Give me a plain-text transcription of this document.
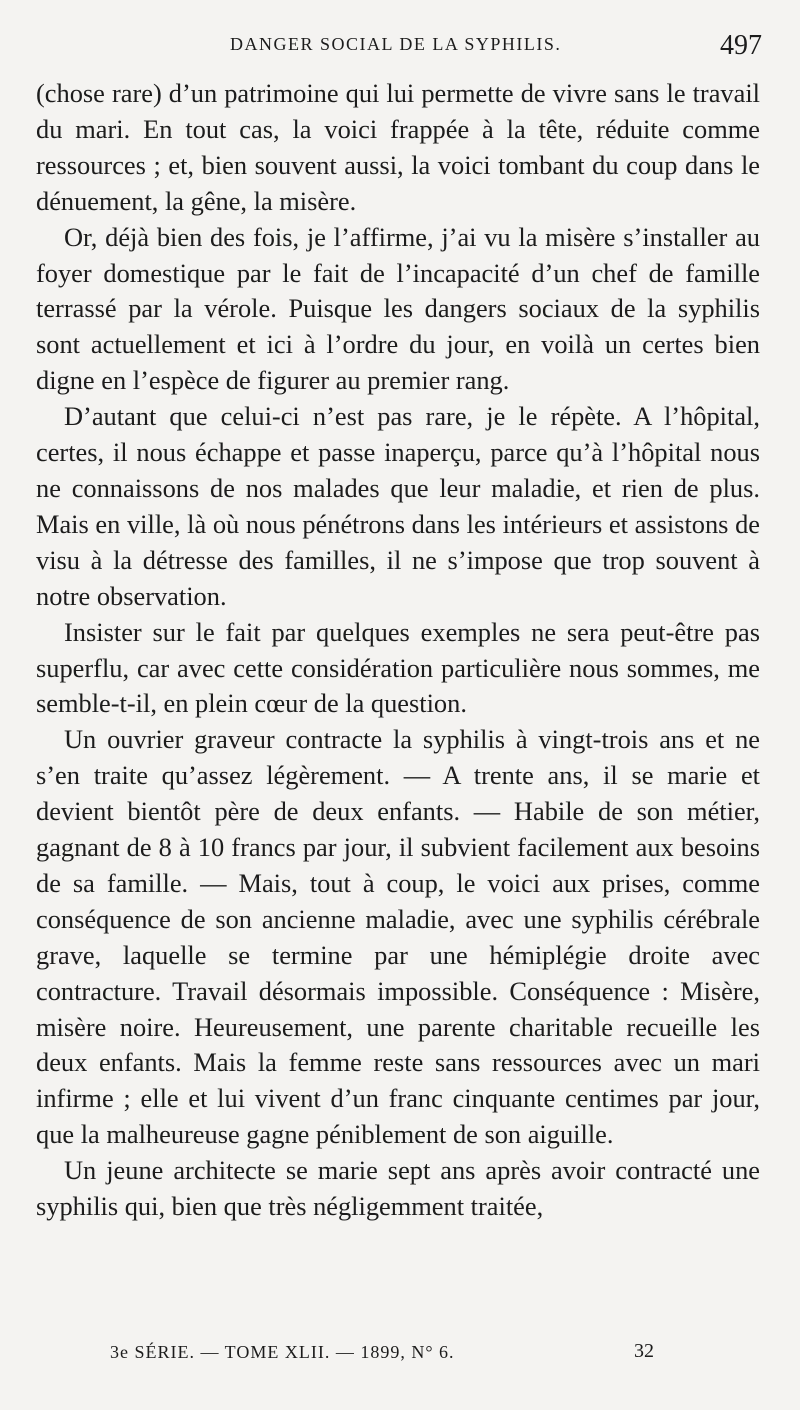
DANGER SOCIAL DE LA SYPHILIS.	497

(chose rare) d’un patrimoine qui lui permette de vivre sans le travail du mari. En tout cas, la voici frappée à la tête, réduite comme ressources ; et, bien souvent aussi, la voici tombant du coup dans le dénuement, la gêne, la misère.

Or, déjà bien des fois, je l’affirme, j’ai vu la misère s’installer au foyer domestique par le fait de l’incapacité d’un chef de famille terrassé par la vérole. Puisque les dangers sociaux de la syphilis sont actuellement et ici à l’ordre du jour, en voilà un certes bien digne en l’espèce de figurer au premier rang.

D’autant que celui-ci n’est pas rare, je le répète. A l’hôpital, certes, il nous échappe et passe inaperçu, parce qu’à l’hôpital nous ne connaissons de nos malades que leur maladie, et rien de plus. Mais en ville, là où nous pénétrons dans les intérieurs et assistons de visu à la détresse des familles, il ne s’impose que trop souvent à notre observation.

Insister sur le fait par quelques exemples ne sera peut-être pas superflu, car avec cette considération particulière nous sommes, me semble-t-il, en plein cœur de la question.

Un ouvrier graveur contracte la syphilis à vingt-trois ans et ne s’en traite qu’assez légèrement. — A trente ans, il se marie et devient bientôt père de deux enfants. — Habile de son métier, gagnant de 8 à 10 francs par jour, il subvient facilement aux besoins de sa famille. — Mais, tout à coup, le voici aux prises, comme conséquence de son ancienne maladie, avec une syphilis cérébrale grave, laquelle se termine par une hémiplégie droite avec contracture. Travail désormais impossible. Conséquence : Misère, misère noire. Heureusement, une parente charitable recueille les deux enfants. Mais la femme reste sans ressources avec un mari infirme ; elle et lui vivent d’un franc cinquante centimes par jour, que la malheureuse gagne péniblement de son aiguille.

Un jeune architecte se marie sept ans après avoir contracté une syphilis qui, bien que très négligemment traitée,

3e SÉRIE. — TOME XLII. — 1899, N° 6.	32
